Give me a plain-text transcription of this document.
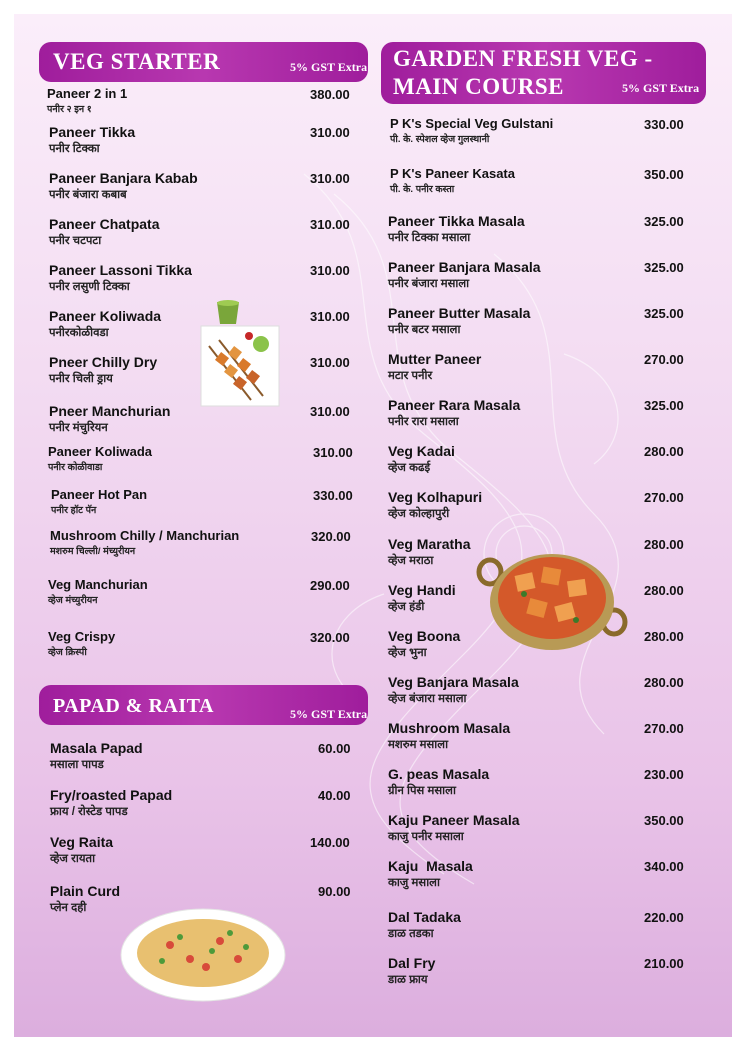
VEG STARTER	5% GST Extra GARDEN FRESH VEG -
MAIN COURSE	5% GST Extra
PAPAD & RAITA	5% GST Extra
Paneer 2 in 1
पनीर २ इन १
380.00
Paneer Tikka
पनीर टिक्का
310.00
Paneer Banjara Kabab
पनीर बंजारा कबाब
310.00
Paneer Chatpata
पनीर चटपटा
310.00
Paneer Lassoni Tikka
पनीर लसुणी टिक्का
310.00
Paneer Koliwada
पनीरकोळीवडा
310.00
Pneer Chilly Dry
पनीर चिली ड्राय
310.00
Pneer Manchurian
पनीर मंचुरियन
310.00
Paneer Koliwada
पनीर कोळीवाडा
310.00
Paneer Hot Pan
पनीर हॉट पॅन
330.00
Mushroom Chilly / Manchurian
मशरुम चिल्ली/ मंच्युरीयन
320.00
Veg Manchurian
व्हेज मंच्युरीयन
290.00
Veg Crispy
व्हेज क्रिस्पी
320.00
Masala Papad
मसाला पापड
60.00
Fry/roasted Papad
फ्राय / रोस्टेड पापड
40.00
Veg Raita
व्हेज रायता
140.00
Plain Curd
प्लेन दही
90.00
P K's Special Veg Gulstani
पी. के. स्पेशल व्हेज गुलस्थानी
330.00
P K's Paneer Kasata
पी. के. पनीर कस्ता
350.00
Paneer Tikka Masala
पनीर टिक्का मसाला
325.00
Paneer Banjara Masala
पनीर बंजारा मसाला
325.00
Paneer Butter Masala
पनीर बटर मसाला
325.00
Mutter Paneer
मटार पनीर
270.00
Paneer Rara Masala
पनीर रारा मसाला
325.00
Veg Kadai
व्हेज कढई
280.00
Veg Kolhapuri
व्हेज कोल्हापुरी
270.00
Veg Maratha
व्हेज मराठा
280.00
Veg Handi
व्हेज हंडी
280.00
Veg Boona
व्हेज भुना
280.00
Veg Banjara Masala
व्हेज बंजारा मसाला
280.00
Mushroom Masala
मशरुम मसाला
270.00
G. peas Masala
ग्रीन पिस मसाला
230.00
Kaju Paneer Masala
काजु पनीर मसाला
350.00
Kaju  Masala
काजु मसाला
340.00
Dal Tadaka
डाळ तडका
220.00
Dal Fry
डाळ फ्राय
210.00
